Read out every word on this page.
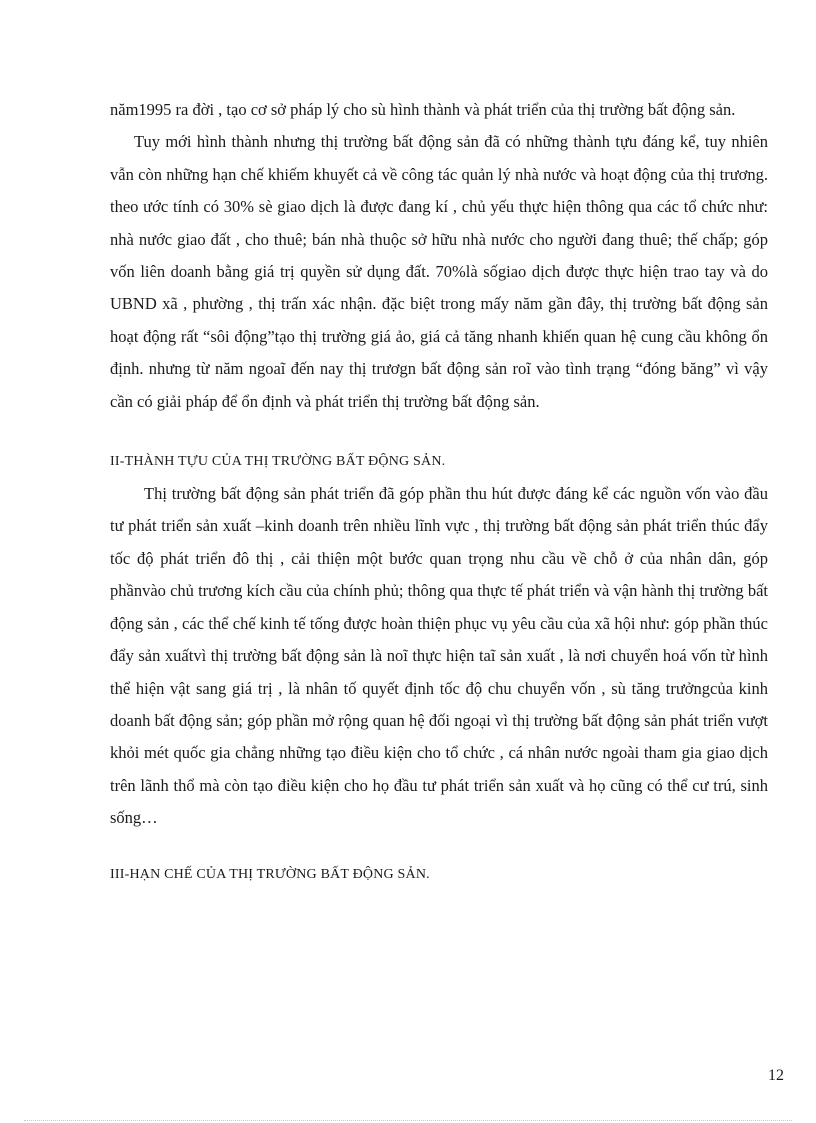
năm1995 ra đời , tạo cơ sở pháp lý cho sù hình thành và phát triển của thị trường bất động sản.

Tuy mới hình thành nhưng thị trường bất động sản đã có những thành tựu đáng kể, tuy nhiên vẫn còn những hạn chế khiếm khuyết cả về công tác quản lý nhà nước và hoạt động của thị trương. theo ước tính có 30% sè giao dịch là được đang kí , chủ yếu thực hiện thông qua các tổ chức như: nhà nước giao đất , cho thuê; bán nhà thuộc sở hữu nhà nước cho người đang thuê; thế chấp; góp vốn liên doanh bằng giá trị quyền sử dụng đất. 70%là sốgiao dịch được thực hiện trao tay và do UBND xã , phường , thị trấn xác nhận. đặc biệt trong mấy năm gần đây, thị trường bất động sản hoạt động rất “sôi động”tạo thị trường giá ảo, giá cả tăng nhanh khiến quan hệ cung cầu không ổn định. nhưng từ năm ngoaĩ đến nay thị trươgn bất động sản roĩ vào tình trạng “đóng băng” vì vậy cần có giải pháp để ổn định và phát triển thị trường bất động sản.

II-THÀNH TỰU CỦA THỊ TRƯỜNG BẤT ĐỘNG SẢN.

Thị trường bất động sản phát triển đã góp phần thu hút được đáng kể các nguồn vốn vào đầu tư phát triển sản xuất –kinh doanh trên nhiều lĩnh vực , thị trường bất động sản phát triển thúc đẩy tốc độ phát triển đô thị , cải thiện một bước quan trọng nhu cầu về chỗ ở của nhân dân, góp phầnvào chủ trương kích cầu của chính phủ; thông qua thực tế phát triển và vận hành thị trường bất động sản , các thể chế kinh tế tống được hoàn thiện phục vụ yêu cầu của xã hội như: góp phần thúc đẩy sản xuấtvì thị trường bất động sản là noĩ thực hiện taĩ sản xuất , là nơi chuyển hoá vốn từ hình thể hiện vật sang giá trị , là nhân tố quyết định tốc độ chu chuyển vốn , sù tăng trưởngcủa kinh doanh bất động sản; góp phần mở rộng quan hệ đối ngoại vì thị trường bất động sản phát triển vượt khỏi mét quốc gia chẳng những tạo điều kiện cho tổ chức , cá nhân nước ngoài tham gia giao dịch trên lãnh thổ mà còn tạo điều kiện cho họ đầu tư phát triển sản xuất và họ cũng có thể cư trú, sinh sống…

III-HẠN CHẾ CỦA THỊ TRƯỜNG BẤT ĐỘNG SẢN.
12
